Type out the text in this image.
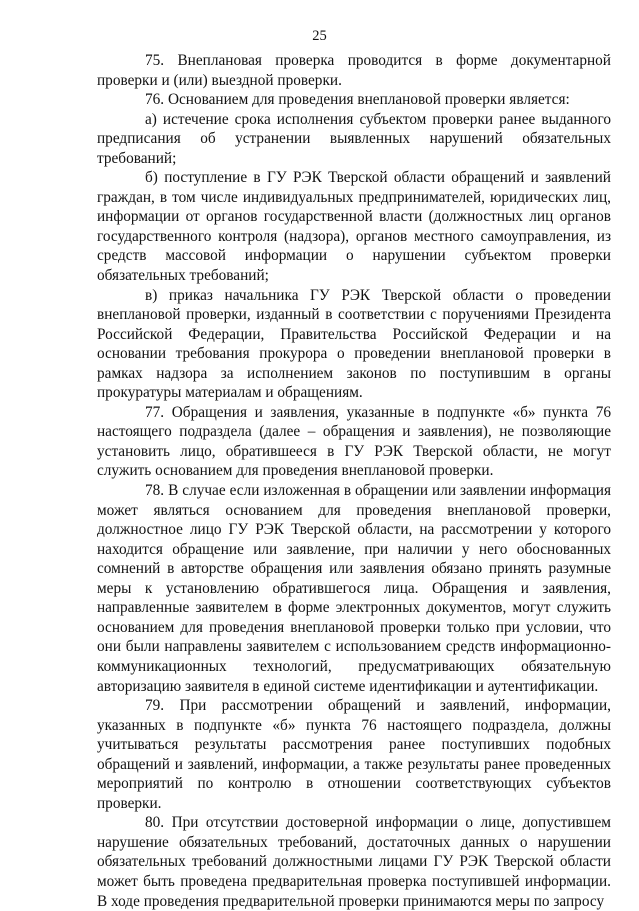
25

75. Внеплановая проверка проводится в форме документарной проверки и (или) выездной проверки.

76. Основанием для проведения внеплановой проверки является:

а) истечение срока исполнения субъектом проверки ранее выданного предписания об устранении выявленных нарушений обязательных требований;

б) поступление в ГУ РЭК Тверской области обращений и заявлений граждан, в том числе индивидуальных предпринимателей, юридических лиц, информации от органов государственной власти (должностных лиц органов государственного контроля (надзора), органов местного самоуправления, из средств массовой информации о нарушении субъектом проверки обязательных требований;

в) приказ начальника ГУ РЭК Тверской области о проведении внеплановой проверки, изданный в соответствии с поручениями Президента Российской Федерации, Правительства Российской Федерации и на основании требования прокурора о проведении внеплановой проверки в рамках надзора за исполнением законов по поступившим в органы прокуратуры материалам и обращениям.

77. Обращения и заявления, указанные в подпункте «б» пункта 76 настоящего подраздела (далее – обращения и заявления), не позволяющие установить лицо, обратившееся в ГУ РЭК Тверской области, не могут служить основанием для проведения внеплановой проверки.

78. В случае если изложенная в обращении или заявлении информация может являться основанием для проведения внеплановой проверки, должностное лицо ГУ РЭК Тверской области, на рассмотрении у которого находится обращение или заявление, при наличии у него обоснованных сомнений в авторстве обращения или заявления обязано принять разумные меры к установлению обратившегося лица. Обращения и заявления, направленные заявителем в форме электронных документов, могут служить основанием для проведения внеплановой проверки только при условии, что они были направлены заявителем с использованием средств информационно-коммуникационных технологий, предусматривающих обязательную авторизацию заявителя в единой системе идентификации и аутентификации.

79. При рассмотрении обращений и заявлений, информации, указанных в подпункте «б» пункта 76 настоящего подраздела, должны учитываться результаты рассмотрения ранее поступивших подобных обращений и заявлений, информации, а также результаты ранее проведенных мероприятий по контролю в отношении соответствующих субъектов проверки.

80. При отсутствии достоверной информации о лице, допустившем нарушение обязательных требований, достаточных данных о нарушении обязательных требований должностными лицами ГУ РЭК Тверской области может быть проведена предварительная проверка поступившей информации. В ходе проведения предварительной проверки принимаются меры по запросу
